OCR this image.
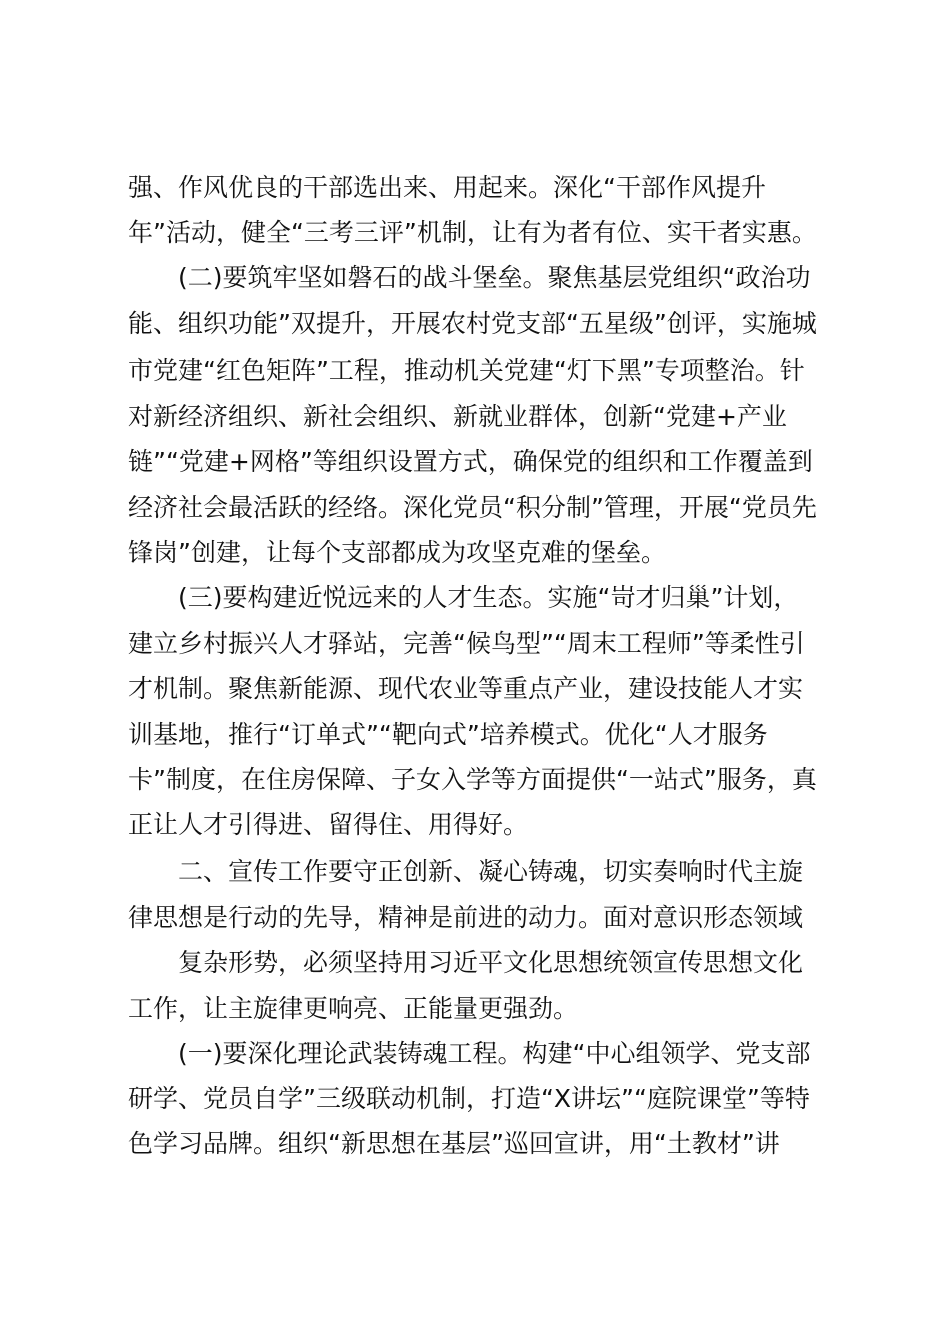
强、作风优良的干部选出来、用起来。深化“干部作风提升
年”活动，健全“三考三评”机制，让有为者有位、实干者实惠。
(二)要筑牢坚如磐石的战斗堡垒。聚焦基层党组织“政治功
能、组织功能”双提升，开展农村党支部“五星级”创评，实施城
市党建“红色矩阵”工程，推动机关党建“灯下黑”专项整治。针
对新经济组织、新社会组织、新就业群体，创新“党建+产业
链”“党建+网格”等组织设置方式，确保党的组织和工作覆盖到
经济社会最活跃的经络。深化党员“积分制”管理，开展“党员先
锋岗”创建，让每个支部都成为攻坚克难的堡垒。
(三)要构建近悦远来的人才生态。实施“岢才归巢”计划，
建立乡村振兴人才驿站，完善“候鸟型”“周末工程师”等柔性引
才机制。聚焦新能源、现代农业等重点产业，建设技能人才实
训基地，推行“订单式”“靶向式”培养模式。优化“人才服务
卡”制度，在住房保障、子女入学等方面提供“一站式”服务，真
正让人才引得进、留得住、用得好。
二、宣传工作要守正创新、凝心铸魂，切实奏响时代主旋
律思想是行动的先导，精神是前进的动力。面对意识形态领域
复杂形势，必须坚持用习近平文化思想统领宣传思想文化
工作，让主旋律更响亮、正能量更强劲。
(一)要深化理论武装铸魂工程。构建“中心组领学、党支部
研学、党员自学”三级联动机制，打造“X讲坛”“庭院课堂”等特
色学习品牌。组织“新思想在基层”巡回宣讲，用“土教材”讲
